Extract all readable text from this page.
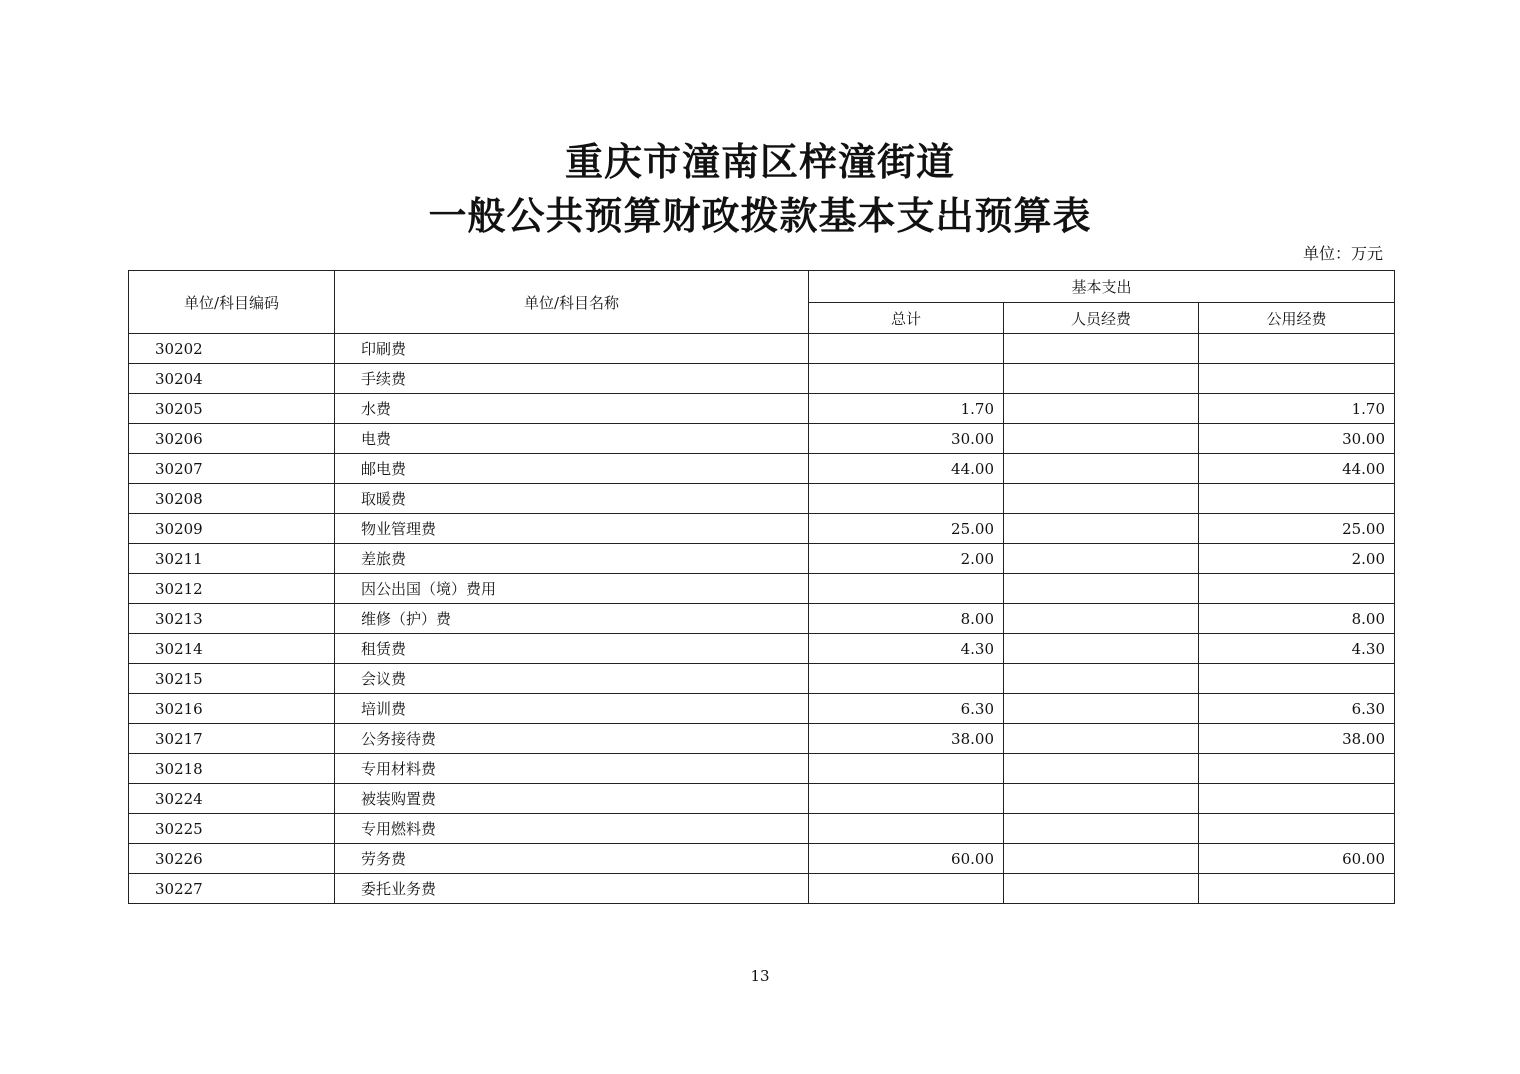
重庆市潼南区梓潼街道
一般公共预算财政拨款基本支出预算表
单位：万元
单位/科目编码	单位/科目名称	基本支出		
		总计	人员经费	公用经费
30202	印刷费			
30204	手续费			
30205	水费	1.70		1.70
30206	电费	30.00		30.00
30207	邮电费	44.00		44.00
30208	取暖费			
30209	物业管理费	25.00		25.00
30211	差旅费	2.00		2.00
30212	因公出国（境）费用			
30213	维修（护）费	8.00		8.00
30214	租赁费	4.30		4.30
30215	会议费			
30216	培训费	6.30		6.30
30217	公务接待费	38.00		38.00
30218	专用材料费			
30224	被装购置费			
30225	专用燃料费			
30226	劳务费	60.00		60.00
30227	委托业务费			
13
